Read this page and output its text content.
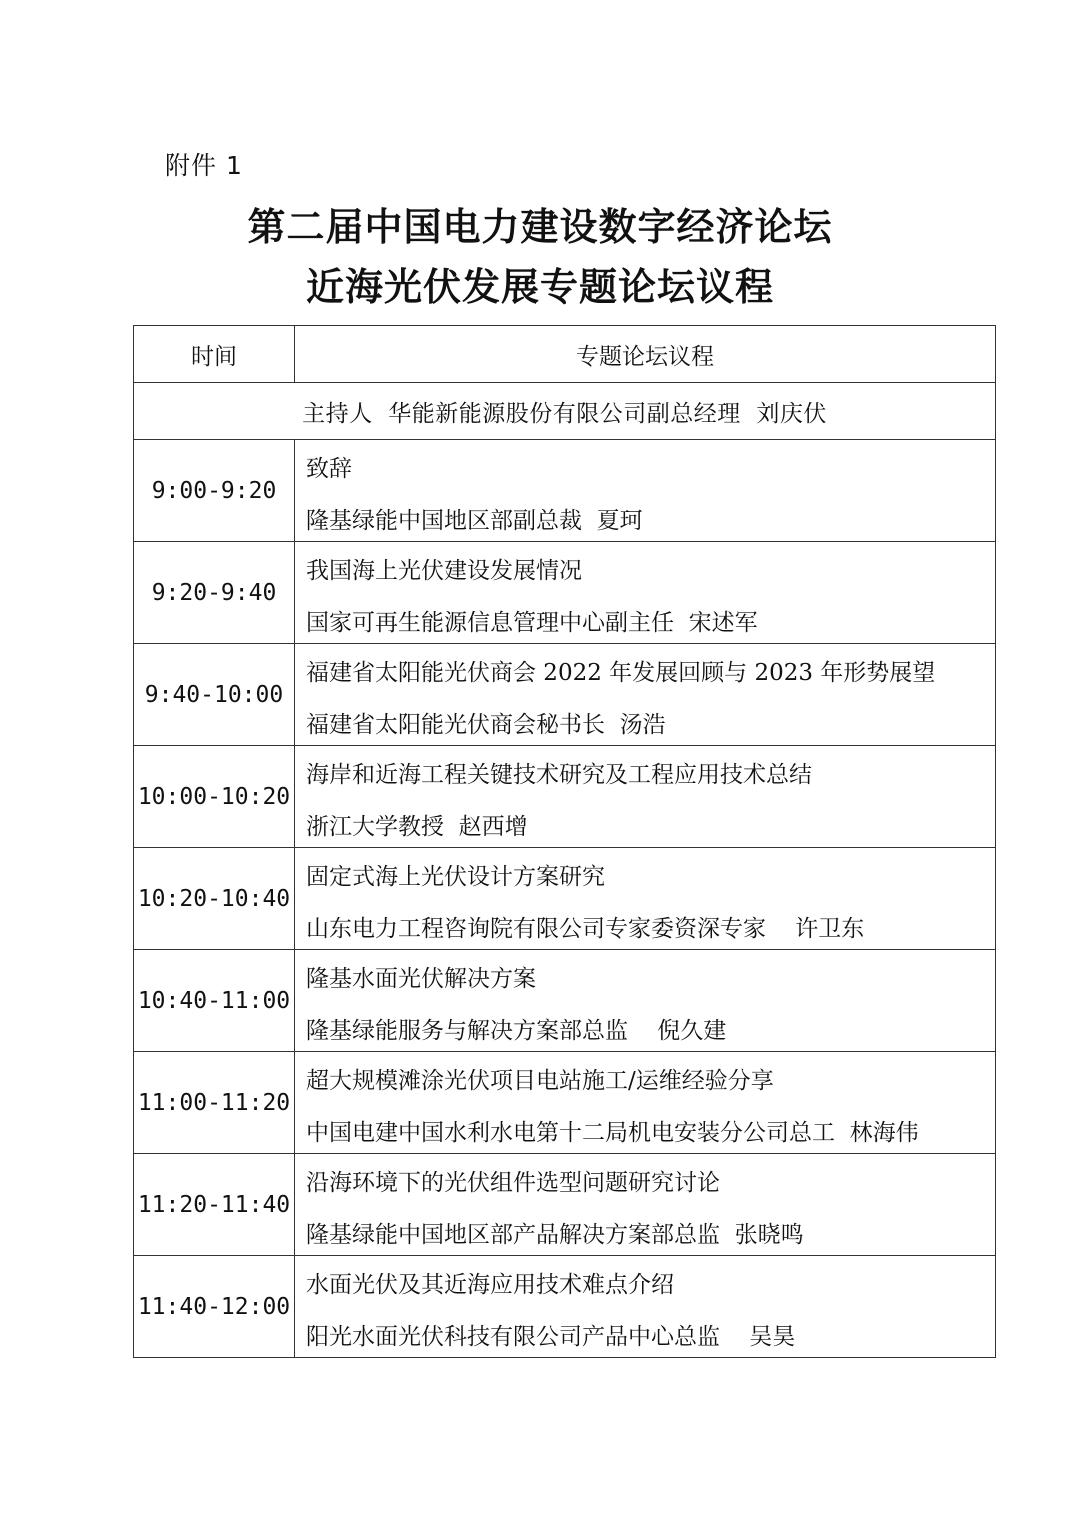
附件 1
第二届中国电力建设数字经济论坛
近海光伏发展专题论坛议程
时间	专题论坛议程
主持人  华能新能源股份有限公司副总经理  刘庆伏	
9:00-9:20	致辞
隆基绿能中国地区部副总裁  夏珂

9:20-9:40	我国海上光伏建设发展情况
国家可再生能源信息管理中心副主任  宋述军

9:40-10:00	福建省太阳能光伏商会 2022 年发展回顾与 2023 年形势展望
福建省太阳能光伏商会秘书长  汤浩

10:00-10:20	海岸和近海工程关键技术研究及工程应用技术总结
浙江大学教授  赵西增

10:20-10:40	固定式海上光伏设计方案研究
山东电力工程咨询院有限公司专家委资深专家    许卫东

10:40-11:00	隆基水面光伏解决方案
隆基绿能服务与解决方案部总监    倪久建

11:00-11:20	超大规模滩涂光伏项目电站施工/运维经验分享
中国电建中国水利水电第十二局机电安装分公司总工  林海伟

11:20-11:40	沿海环境下的光伏组件选型问题研究讨论
隆基绿能中国地区部产品解决方案部总监  张晓鸣

11:40-12:00	水面光伏及其近海应用技术难点介绍
阳光水面光伏科技有限公司产品中心总监    吴昊
